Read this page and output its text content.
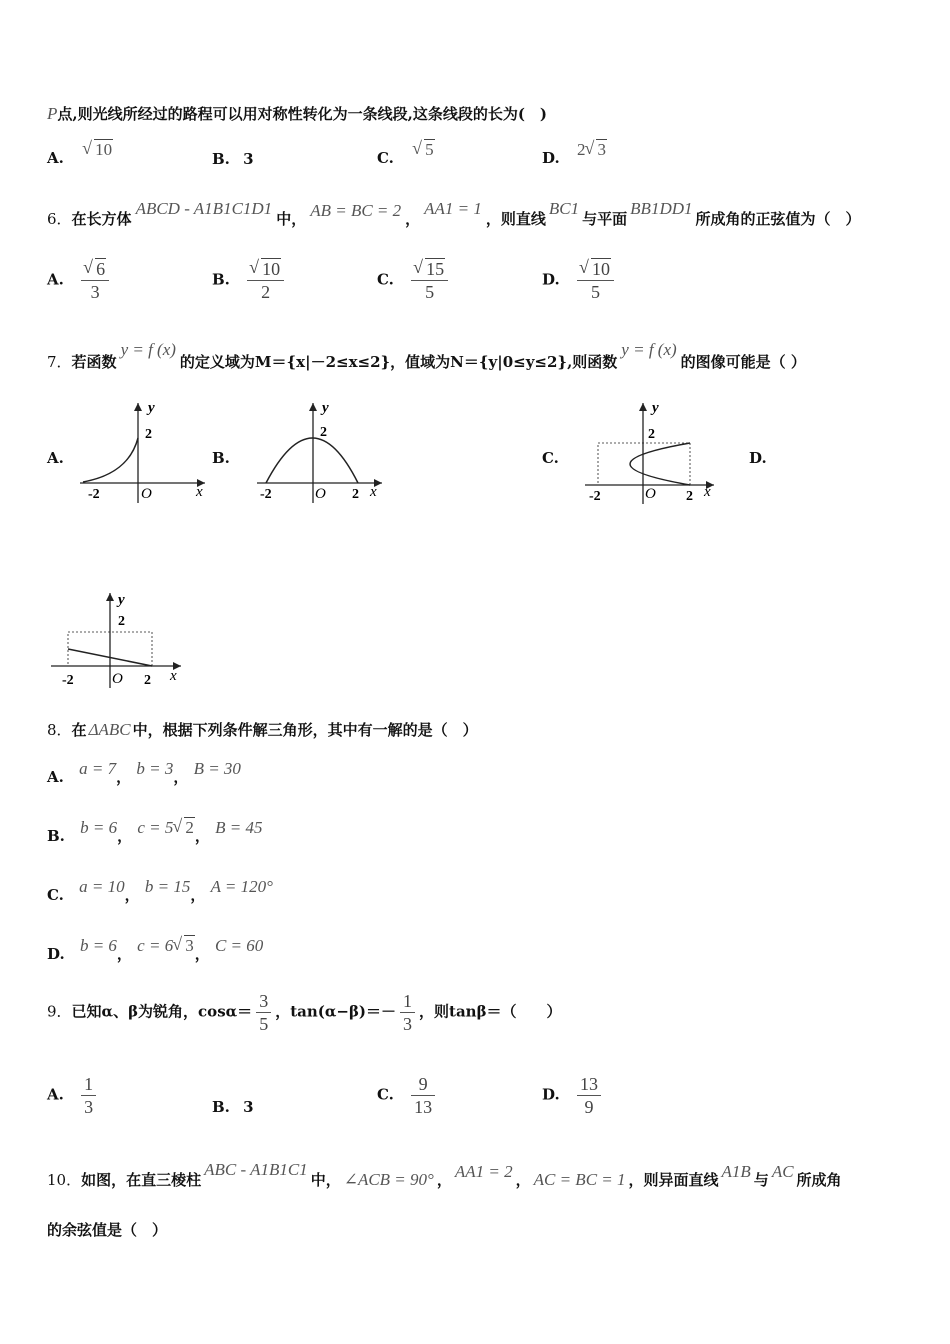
P点,则光线所经过的路程可以用对称性转化为一条线段,这条线段的长为(　)
A. √ 10	B. 3	C. √ 5	D. 2 √ 3
6．在长方体ABCD - A1B1C1D1中， AB = BC = 2 ，AA1 = 1，则直线BC1与平面BB1DD1所成角的正弦值为（　）
A. √ $\frac{6}{3}$	B. √ $\frac{10}{2}$	C. √ $\frac{15}{5}$	D. √ $\frac{10}{5}$
7．若函数y = f (x)的定义域为M＝{x|－2≤x≤2}，值域为N＝{y|0≤y≤2},则函数y = f (x)的图像可能是（ ）
A.	B.	C.	D.
y
2
-2	O	x
y
2
-2	O 2 x
y
2
-2	O 2 x
y
2
-2	O 2 x
8．在 ΔABC 中，根据下列条件解三角形，其中有一解的是（　）
A. a = 7， b = 3， B = 30
B. b = 6， c = 5 √ 2， B = 45
C. a = 10， b = 15， A = 120°
D. b = 6， c = 6 √ 3， C = 60
9．已知α、β为锐角，$\cos\alpha= \frac{3}{5}$ ，$\tan(\alpha-\beta)=- \frac{1}{3}$ ，则tanβ＝（　　）
A. $\frac{1}{3}$	B. 3
C. $\frac{9}{13}$	D. $\frac{13}{9}$
10．如图，在直三棱柱ABC - A1B1C1中， ∠ACB = 90° ， AA1 = 2 ， AC = BC = 1 ，则异面直线 A1B 与 AC 所成角
的余弦值是（　）
